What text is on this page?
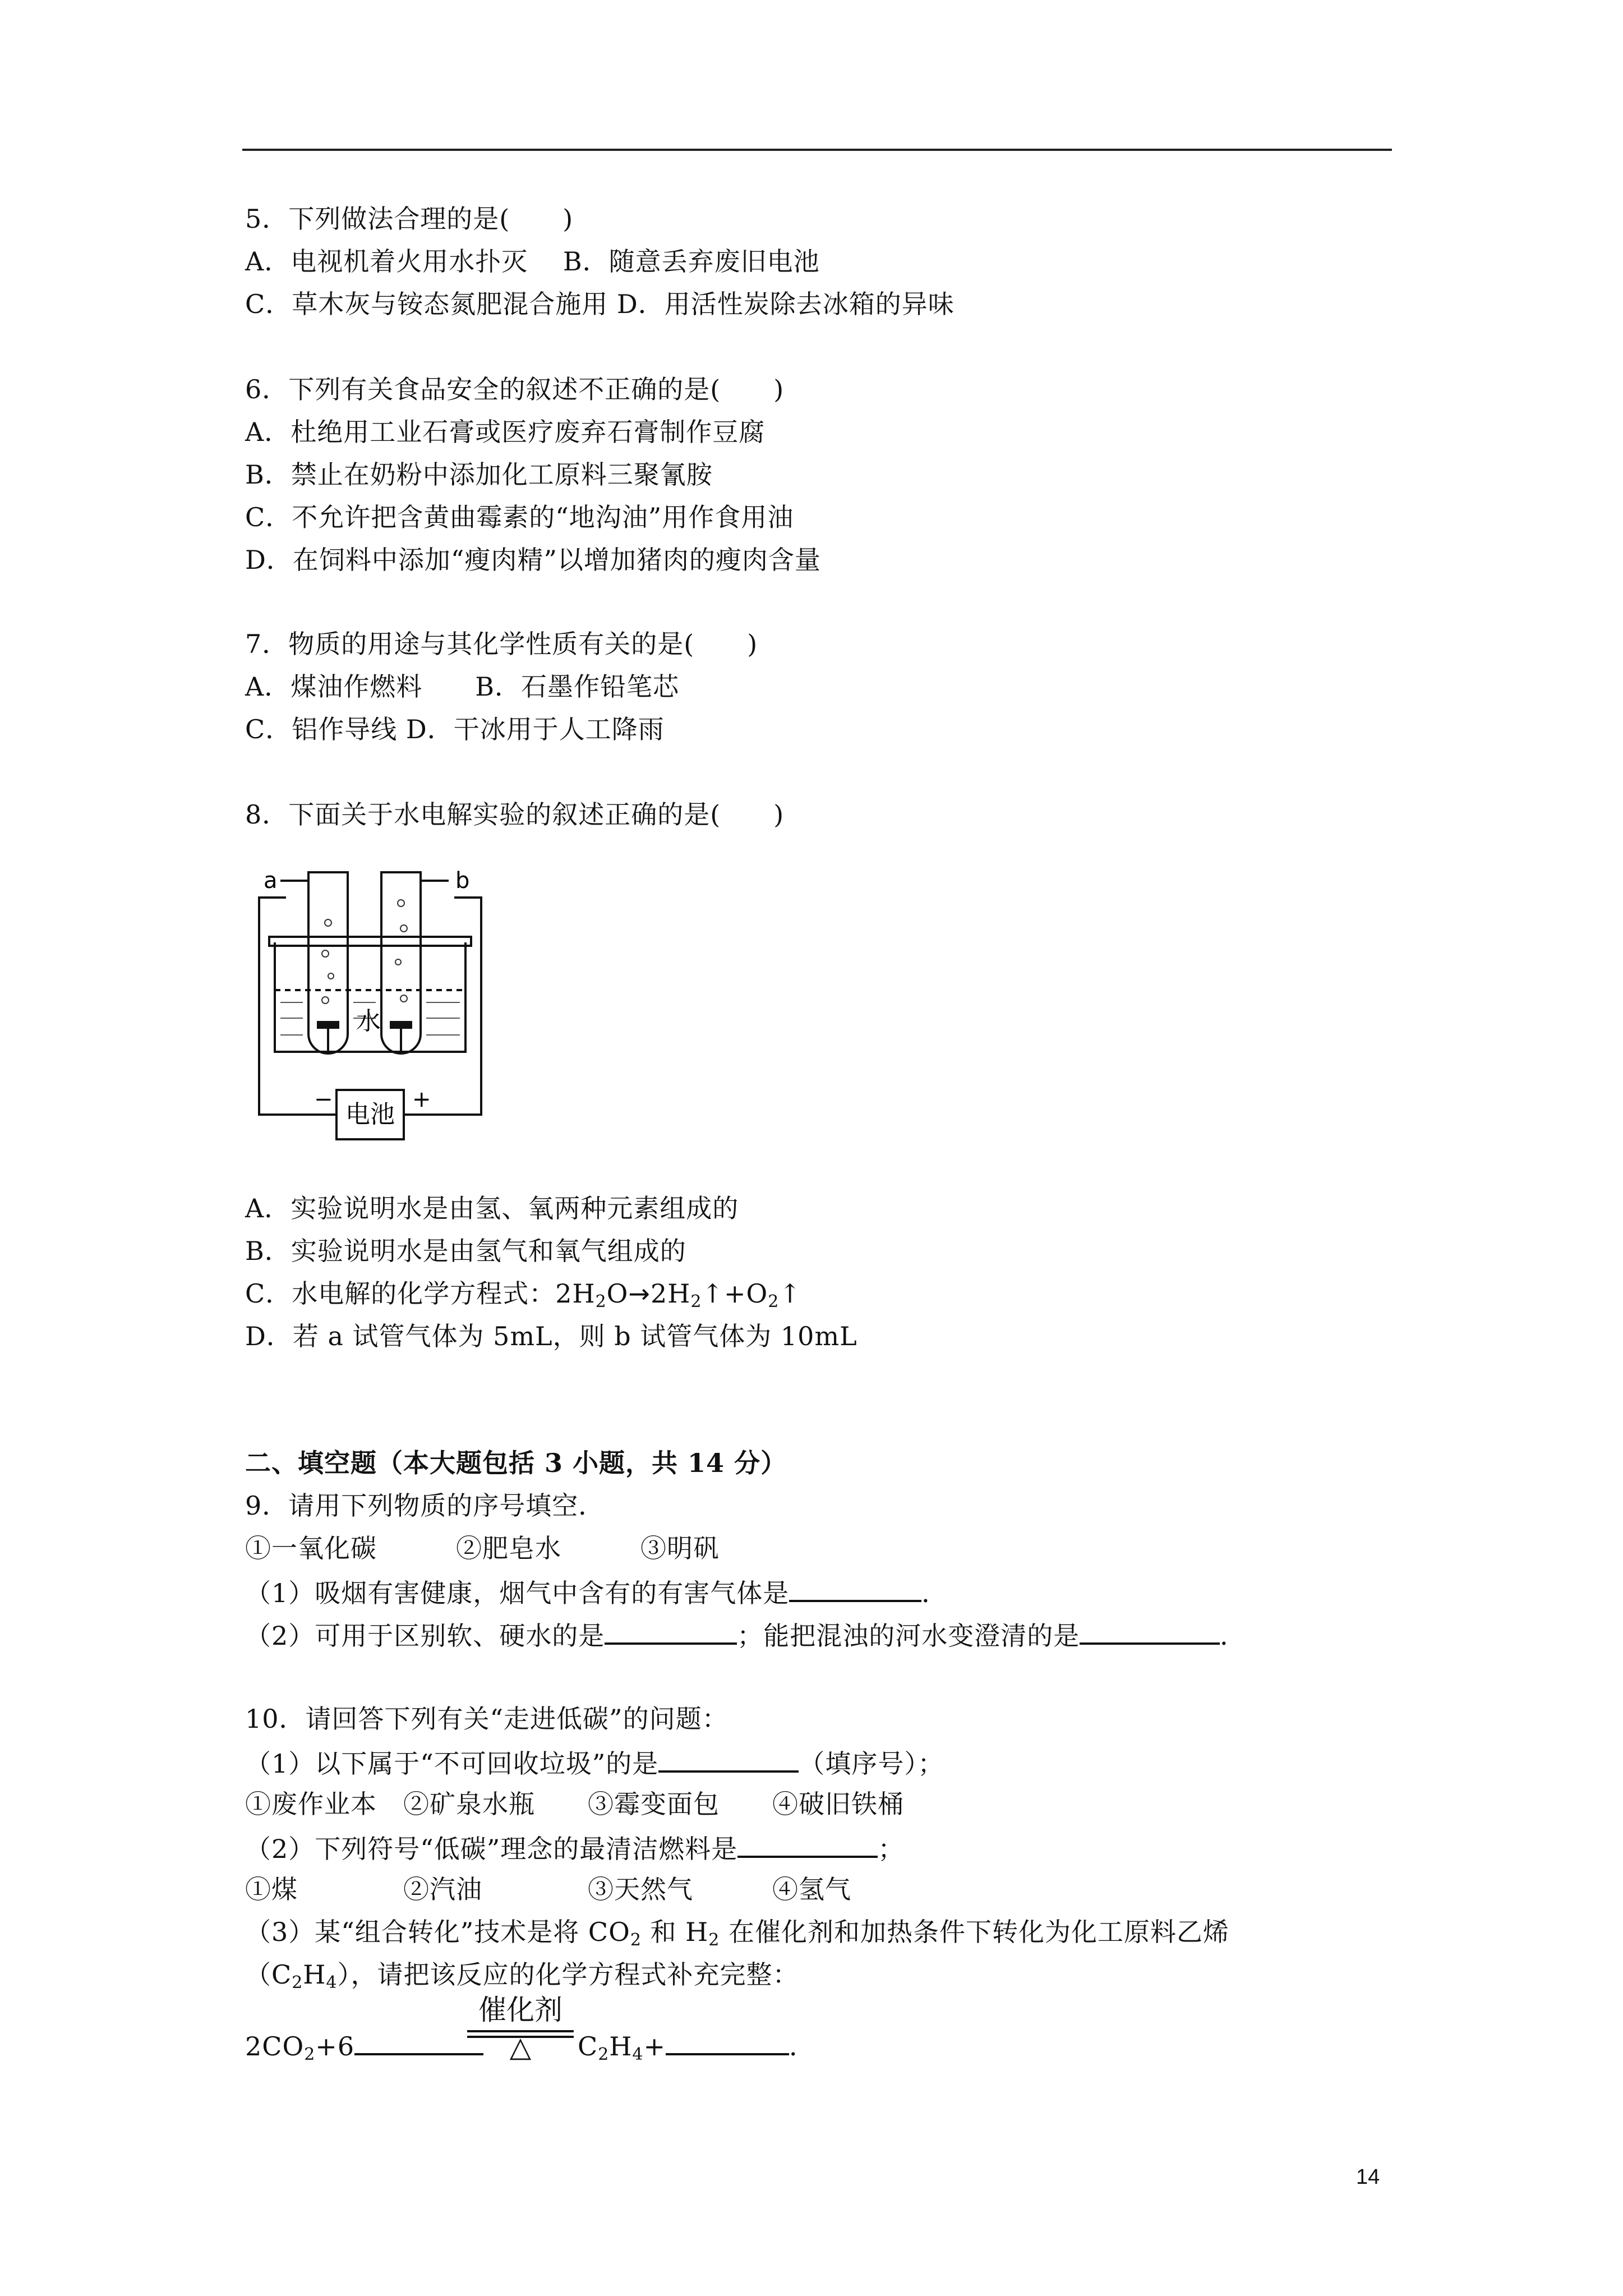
5．下列做法合理的是(　　)
A．电视机着火用水扑灭　 B．随意丢弃废旧电池
C．草木灰与铵态氮肥混合施用 D．用活性炭除去冰箱的异味
6．下列有关食品安全的叙述不正确的是(　　)
A．杜绝用工业石膏或医疗废弃石膏制作豆腐
B．禁止在奶粉中添加化工原料三聚氰胺
C．不允许把含黄曲霉素的“地沟油”用作食用油
D．在饲料中添加“瘦肉精”以增加猪肉的瘦肉含量
7．物质的用途与其化学性质有关的是(　　)
A．煤油作燃料　　B．石墨作铅笔芯
C．铝作导线 D．干冰用于人工降雨
8．下面关于水电解实验的叙述正确的是(　　)
a	b
水
−	+
电池
A．实验说明水是由氢、氧两种元素组成的
B．实验说明水是由氢气和氧气组成的
C．水电解的化学方程式：$2H_2O\to 2H_2↑+O_2↑$
D．若 a 试管气体为 5mL，则 b 试管气体为 10mL
二、填空题（本大题包括 3 小题，共 14 分）
9．请用下列物质的序号填空．
①一氧化碳　　　②肥皂水　　　③明矾
（1）吸烟有害健康，烟气中含有的有害气体是	．
（2）可用于区别软、硬水的是	；能把混浊的河水变澄清的是	．
10．请回答下列有关“走进低碳”的问题：
（1）以下属于“不可回收垃圾”的是	（填序号）；
①废作业本　②矿泉水瓶　　③霉变面包　　④破旧铁桶
（2）下列符号“低碳”理念的最清洁燃料是	；
①煤　　　　②汽油　　　　③天然气　　　④氢气
（3）某“组合转化”技术是将 $CO_2$ 和 $H_2$ 在催化剂和加热条件下转化为化工原料乙烯
$(C_2H_4)$，请把该反应的化学方程式补充完整：
$2CO_2+6$
催化剂
△	$C_2H_4+$	．
14
